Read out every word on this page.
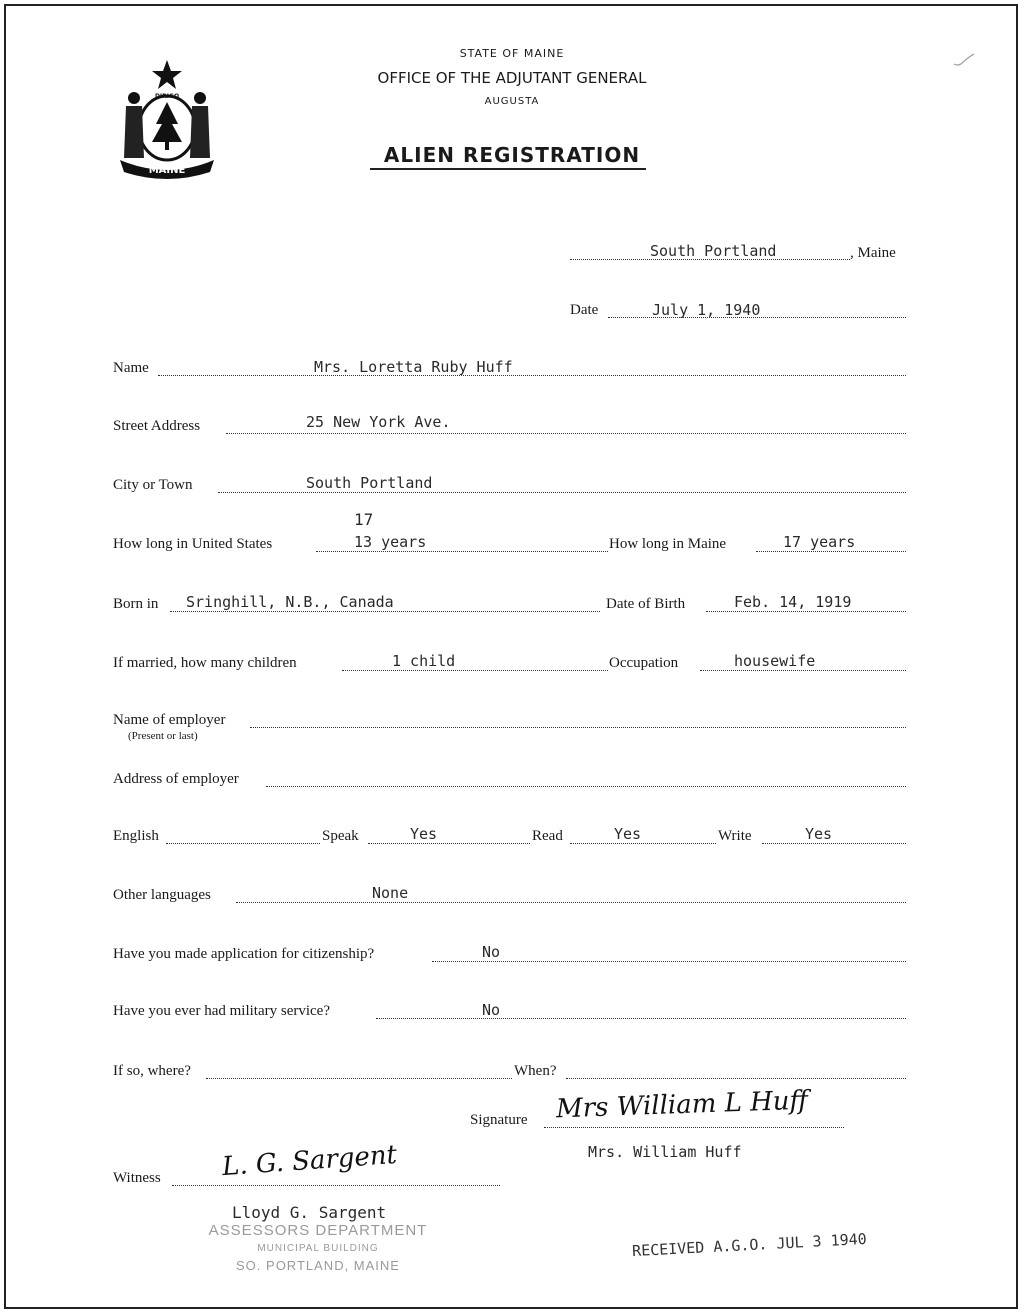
MAINE
DIRIGO
STATE OF MAINE
OFFICE OF THE ADJUTANT GENERAL
AUGUSTA
ALIEN REGISTRATION
South Portland	, Maine
Date	July 1, 1940
Name	Mrs. Loretta Ruby Huff
Street Address	25 New York Ave.
City or Town	South Portland
17
How long in United States	13 years	How long in Maine	17 years
Born in Sringhill, N.B., Canada	Date of Birth	Feb. 14, 1919
If married, how many children	1 child	Occupation	housewife
Name of employer
(Present or last)
Address of employer
English	Speak	Yes	Read	Yes	Write	Yes
Other languages	None
Have you made application for citizenship?	No
Have you ever had military service?	No
If so, where?	When?
Signature Mrs William L Huff
Mrs. William Huff
Witness L. G. Sargent
Lloyd G. Sargent
ASSESSORS DEPARTMENT
MUNICIPAL BUILDING
SO. PORTLAND, MAINE
RECEIVED A.G.O. JUL 3 1940
